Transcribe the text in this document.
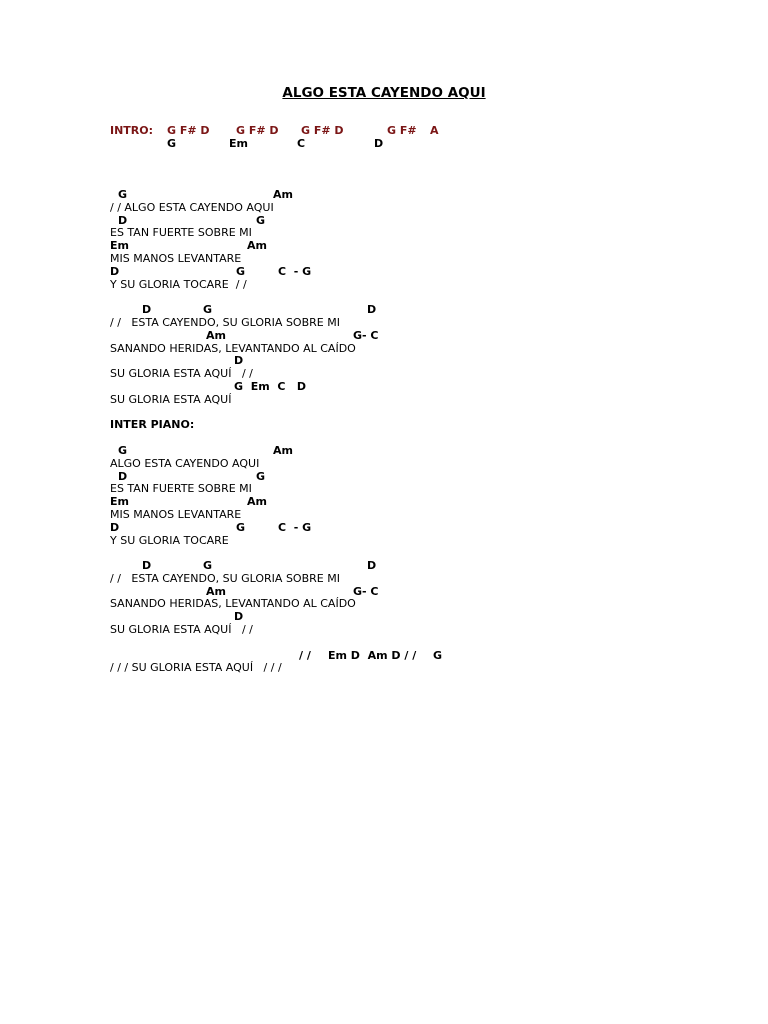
ALGO ESTA CAYENDO AQUI

INTRO:

G F# D

G F# D

G F# D

	G F#

A

G

	Em

	C

	D

G

	Am

/ / ALGO ESTA CAYENDO AQUI

D

	G

ES TAN FUERTE SOBRE MI

Em

	Am

MIS MANOS LEVANTARE

D

	G

	C  - G

Y SU GLORIA TOCARE  / /

D

	G

	D

/ /   ESTA CAYENDO, SU GLORIA SOBRE MI

Am

	G- C

SANANDO HERIDAS, LEVANTANDO AL CAÍDO

D

SU GLORIA ESTA AQUÍ   / /

G  Em  C   D

SU GLORIA ESTA AQUÍ
INTER PIANO:

G

	Am

ALGO ESTA CAYENDO AQUI

D

	G

ES TAN FUERTE SOBRE MI

Em

	Am

MIS MANOS LEVANTARE

D

	G

	C  - G

Y SU GLORIA TOCARE

D

	G

	D

/ /   ESTA CAYENDO, SU GLORIA SOBRE MI

Am

	G- C

SANANDO HERIDAS, LEVANTANDO AL CAÍDO

D

SU GLORIA ESTA AQUÍ   / /

/ /

Em D  Am D / /

G

/ / / SU GLORIA ESTA AQUÍ   / / /
